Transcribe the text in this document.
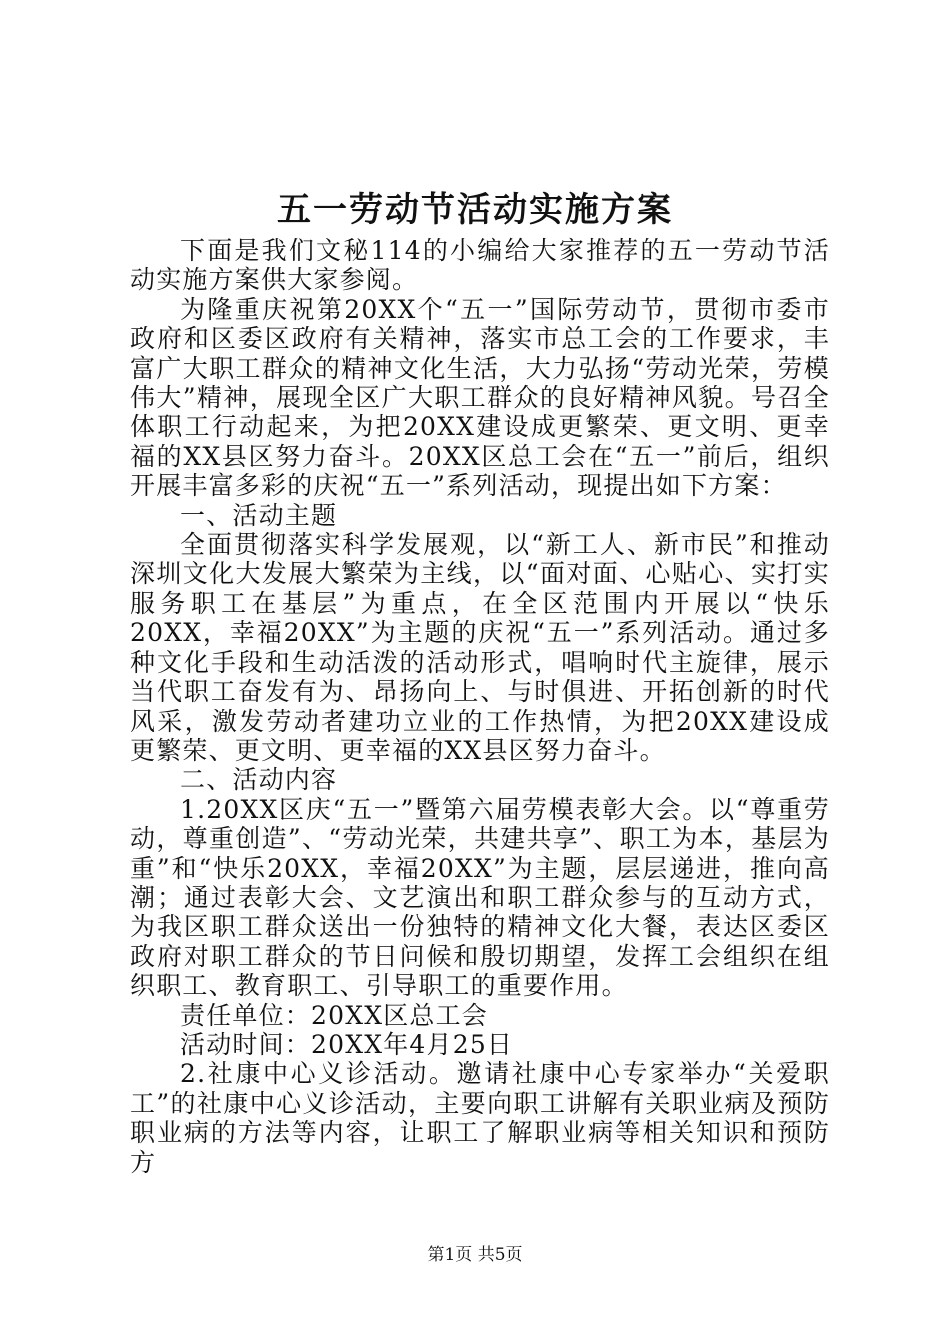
五一劳动节活动实施方案

下面是我们文秘114的小编给大家推荐的五一劳动节活动实施方案供大家参阅。

为隆重庆祝第20XX个“五一”国际劳动节，贯彻市委市政府和区委区政府有关精神，落实市总工会的工作要求，丰富广大职工群众的精神文化生活，大力弘扬“劳动光荣，劳模伟大”精神，展现全区广大职工群众的良好精神风貌。号召全体职工行动起来，为把20XX建设成更繁荣、更文明、更幸福的XX县区努力奋斗。20XX区总工会在“五一”前后，组织开展丰富多彩的庆祝“五一”系列活动，现提出如下方案：

一、活动主题

全面贯彻落实科学发展观，以“新工人、新市民”和推动深圳文化大发展大繁荣为主线，以“面对面、心贴心、实打实服务职工在基层”为重点，在全区范围内开展以“快乐20XX，幸福20XX”为主题的庆祝“五一”系列活动。通过多种文化手段和生动活泼的活动形式，唱响时代主旋律，展示当代职工奋发有为、昂扬向上、与时俱进、开拓创新的时代风采，激发劳动者建功立业的工作热情，为把20XX建设成更繁荣、更文明、更幸福的XX县区努力奋斗。

二、活动内容

1.20XX区庆“五一”暨第六届劳模表彰大会。以“尊重劳动，尊重创造”、“劳动光荣，共建共享”、职工为本，基层为重”和“快乐20XX，幸福20XX”为主题，层层递进，推向高潮；通过表彰大会、文艺演出和职工群众参与的互动方式，为我区职工群众送出一份独特的精神文化大餐，表达区委区政府对职工群众的节日问候和殷切期望，发挥工会组织在组织职工、教育职工、引导职工的重要作用。

责任单位：20XX区总工会

活动时间：20XX年4月25日

2.社康中心义诊活动。邀请社康中心专家举办“关爱职工”的社康中心义诊活动，主要向职工讲解有关职业病及预防职业病的方法等内容，让职工了解职业病等相关知识和预防方

第1页 共5页
